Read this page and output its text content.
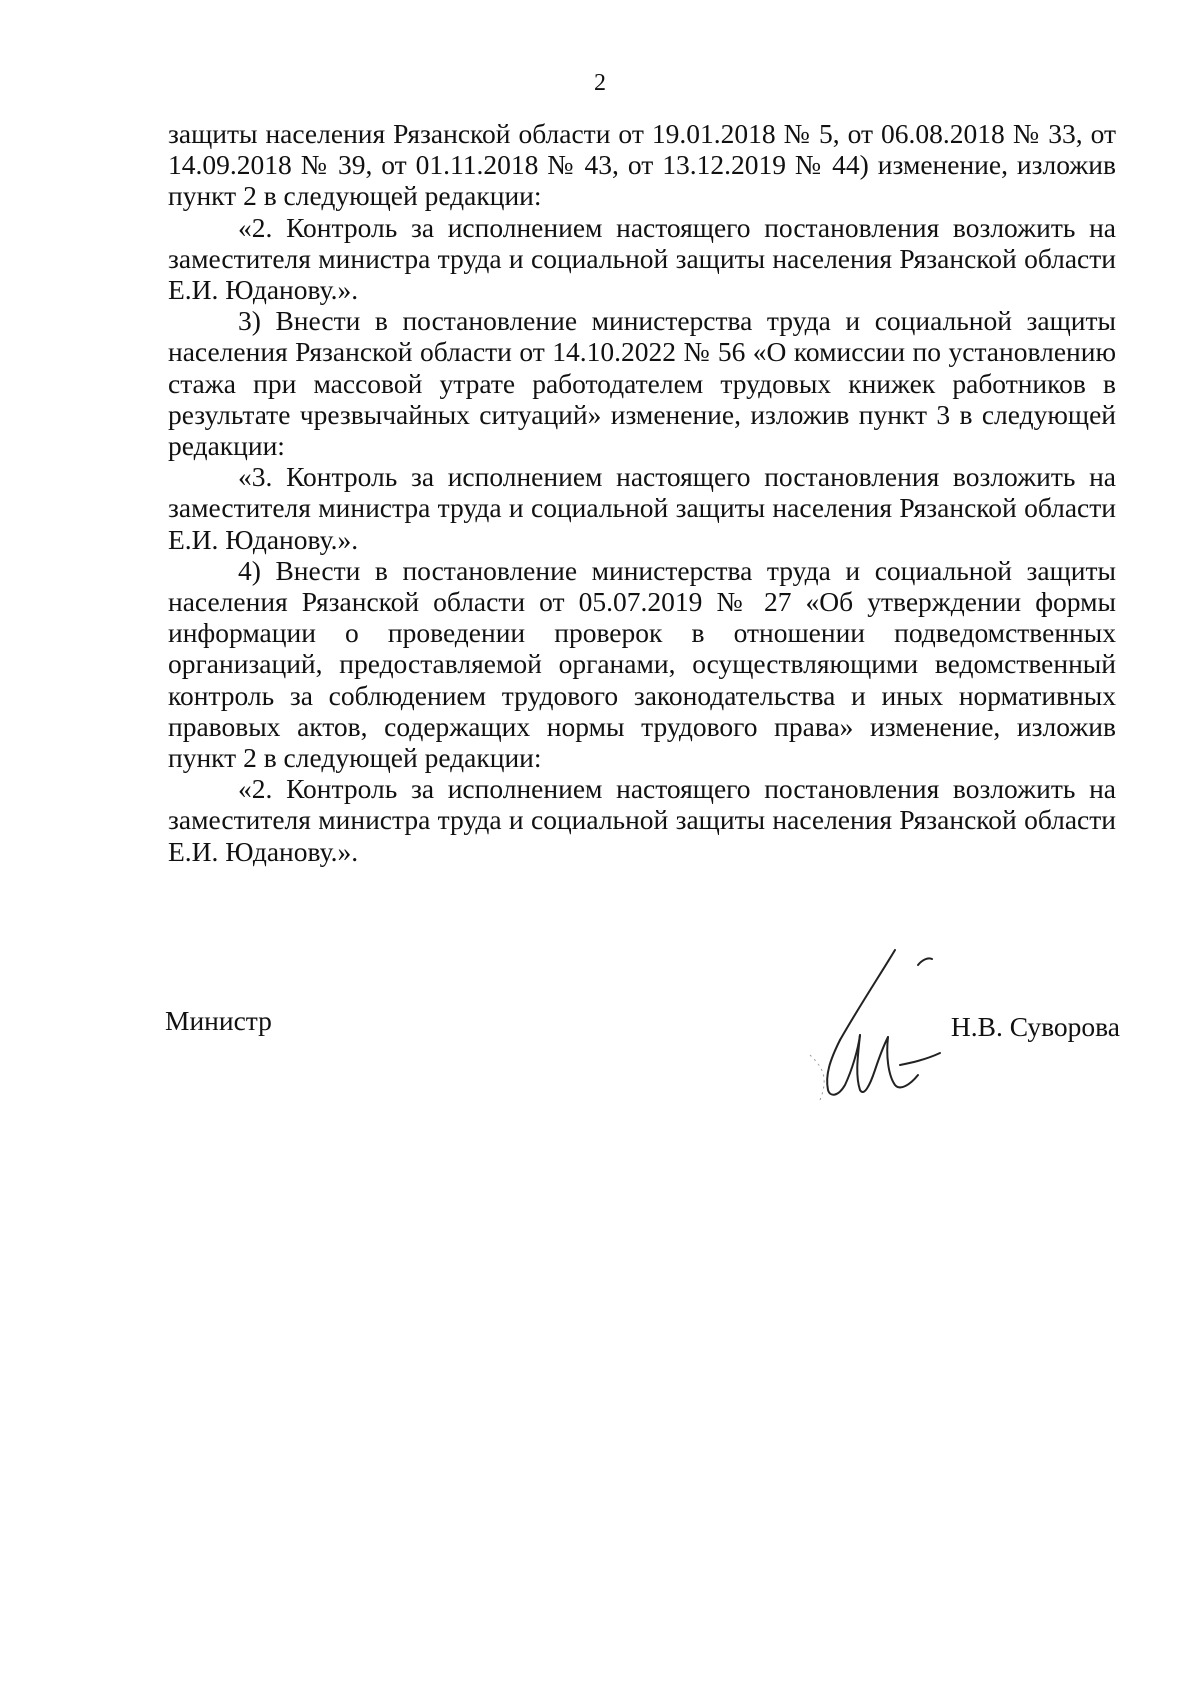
2

защиты населения Рязанской области от 19.01.2018 № 5, от 06.08.2018 № 33, от 14.09.2018 № 39, от 01.11.2018 № 43, от 13.12.2019 № 44) изменение, изложив пункт 2 в следующей редакции:

«2. Контроль за исполнением настоящего постановления возложить на заместителя министра труда и социальной защиты населения Рязанской области Е.И. Юданову.».

3) Внести в постановление министерства труда и социальной защиты населения Рязанской области от 14.10.2022 № 56 «О комиссии по установлению стажа при массовой утрате работодателем трудовых книжек работников в результате чрезвычайных ситуаций» изменение, изложив пункт 3 в следующей редакции:

«3. Контроль за исполнением настоящего постановления возложить на заместителя министра труда и социальной защиты населения Рязанской области Е.И. Юданову.».

4) Внести в постановление министерства труда и социальной защиты населения Рязанской области от 05.07.2019 № 27 «Об утверждении формы информации о проведении проверок в отношении подведомственных организаций, предоставляемой органами, осуществляющими ведомственный контроль за соблюдением трудового законодательства и иных нормативных правовых актов, содержащих нормы трудового права» изменение, изложив пункт 2 в следующей редакции:

«2. Контроль за исполнением настоящего постановления возложить на заместителя министра труда и социальной защиты населения Рязанской области Е.И. Юданову.».

Министр	Н.В. Суворова
